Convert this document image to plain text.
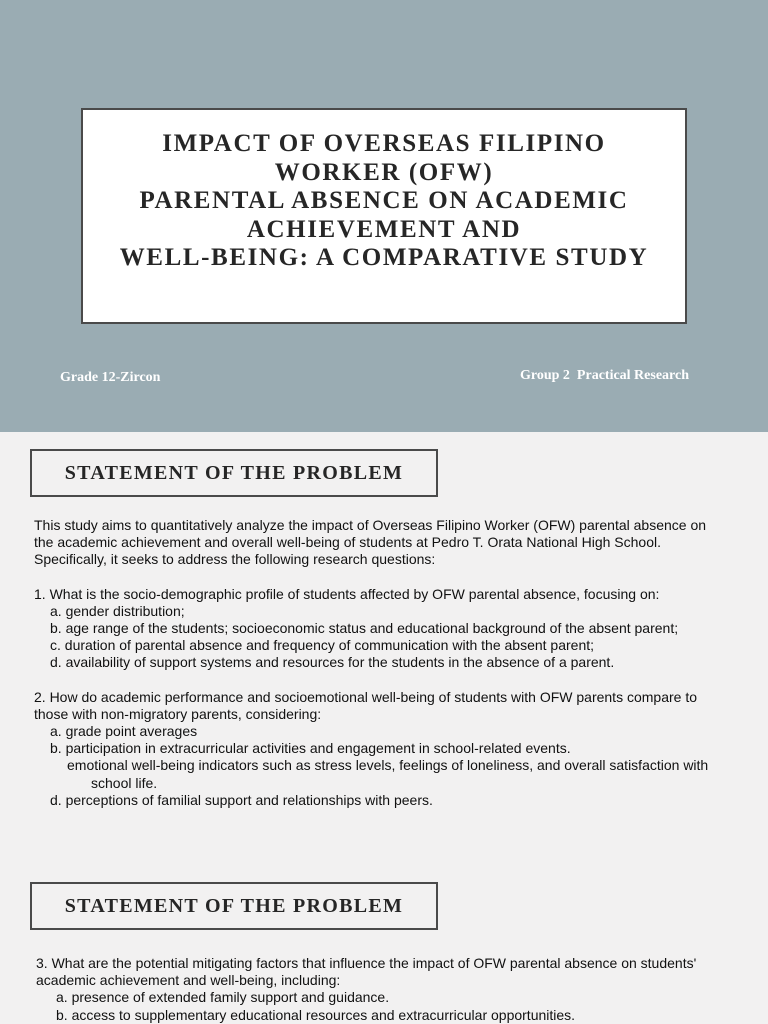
IMPACT OF OVERSEAS FILIPINO
WORKER (OFW)
PARENTAL ABSENCE ON ACADEMIC
ACHIEVEMENT AND
WELL-BEING: A COMPARATIVE STUDY
Grade 12-Zircon	Group 2  Practical Research
STATEMENT OF THE PROBLEM
This study aims to quantitatively analyze the impact of Overseas Filipino Worker (OFW) parental absence on
the academic achievement and overall well-being of students at Pedro T. Orata National High School.
Specifically, it seeks to address the following research questions:
1. What is the socio-demographic profile of students affected by OFW parental absence, focusing on:
a. gender distribution;
b. age range of the students; socioeconomic status and educational background of the absent parent;
c. duration of parental absence and frequency of communication with the absent parent;
d. availability of support systems and resources for the students in the absence of a parent.
2. How do academic performance and socioemotional well-being of students with OFW parents compare to
those with non-migratory parents, considering:
a. grade point averages
b. participation in extracurricular activities and engagement in school-related events.
emotional well-being indicators such as stress levels, feelings of loneliness, and overall satisfaction with
school life.
d. perceptions of familial support and relationships with peers.
STATEMENT OF THE PROBLEM
3. What are the potential mitigating factors that influence the impact of OFW parental absence on students'
academic achievement and well-being, including:
a. presence of extended family support and guidance.
b. access to supplementary educational resources and extracurricular opportunities.
